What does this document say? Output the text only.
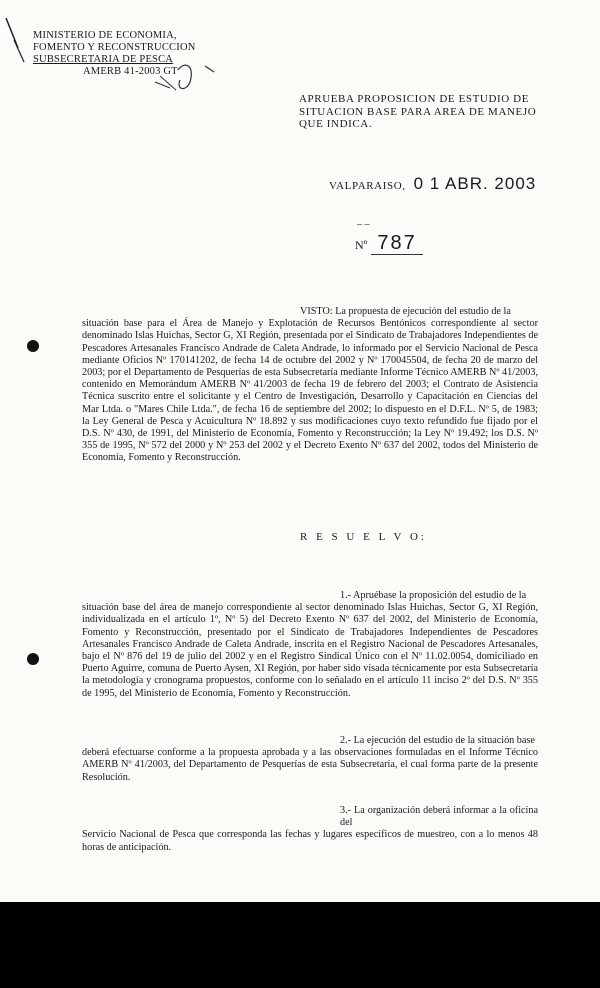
MINISTERIO DE ECONOMIA,
FOMENTO Y RECONSTRUCCION
SUBSECRETARIA DE PESCA
AMERB 41-2003 GT
APRUEBA PROPOSICION DE ESTUDIO DE SITUACION BASE PARA AREA DE MANEJO QUE INDICA.
VALPARAISO, 0 1 ABR. 2003
– –
Nº 787
VISTO: La propuesta de ejecución del estudio de la
situación base para el Área de Manejo y Explotación de Recursos Bentónicos correspondiente al sector denominado Islas Huichas, Sector G, XI Región, presentada por el Sindicato de Trabajadores Independientes de Pescadores Artesanales Francisco Andrade de Caleta Andrade, lo informado por el Servicio Nacional de Pesca mediante Oficios Nº 170141202, de fecha 14 de octubre del 2002 y Nº 170045504, de fecha 20 de marzo del 2003; por el Departamento de Pesquerías de esta Subsecretaría mediante Informe Técnico AMERB Nº 41/2003, contenido en Memorándum AMERB Nº 41/2003 de fecha 19 de febrero del 2003; el Contrato de Asistencia Técnica suscrito entre el solicitante y el Centro de Investigación, Desarrollo y Capacitación en Ciencias del Mar Ltda. o "Mares Chile Ltda.", de fecha 16 de septiembre del 2002; lo dispuesto en el D.F.L. Nº 5, de 1983; la Ley General de Pesca y Acuicultura Nº 18.892 y sus modificaciones cuyo texto refundido fue fijado por el D.S. Nº 430, de 1991, del Ministerio de Economía, Fomento y Reconstrucción; la Ley Nº 19.492; los D.S. Nº 355 de 1995, Nº 572 del 2000 y Nº 253 del 2002 y el Decreto Exento Nº 637 del 2002, todos del Ministerio de Economía, Fomento y Reconstrucción.
R E S U E L V O:
1.- Apruébase la proposición del estudio de la
situación base del área de manejo correspondiente al sector denominado Islas Huichas, Sector G, XI Región, individualizada en el artículo 1º, Nº 5) del Decreto Exento Nº 637 del 2002, del Ministerio de Economía, Fomento y Reconstrucción, presentado por el Sindicato de Trabajadores Independientes de Pescadores Artesanales Francisco Andrade de Caleta Andrade, inscrita en el Registro Nacional de Pescadores Artesanales, bajo el Nº 876 del 19 de julio del 2002 y en el Registro Sindical Único con el Nº 11.02.0054, domiciliado en Puerto Aguirre, comuna de Puerto Aysen, XI Región, por haber sido visada técnicamente por esta Subsecretaría la metodología y cronograma propuestos, conforme con lo señalado en el artículo 11 inciso 2º del D.S. Nº 355 de 1995, del Ministerio de Economía, Fomento y Reconstrucción.
2.- La ejecución del estudio de la situación base
deberá efectuarse conforme a la propuesta aprobada y a las observaciones formuladas en el Informe Técnico AMERB Nº 41/2003, del Departamento de Pesquerías de esta Subsecretaría, el cual forma parte de la presente Resolución.
3.- La organización deberá informar a la oficina del
Servicio Nacional de Pesca que corresponda las fechas y lugares específicos de muestreo, con a lo menos 48 horas de anticipación.
